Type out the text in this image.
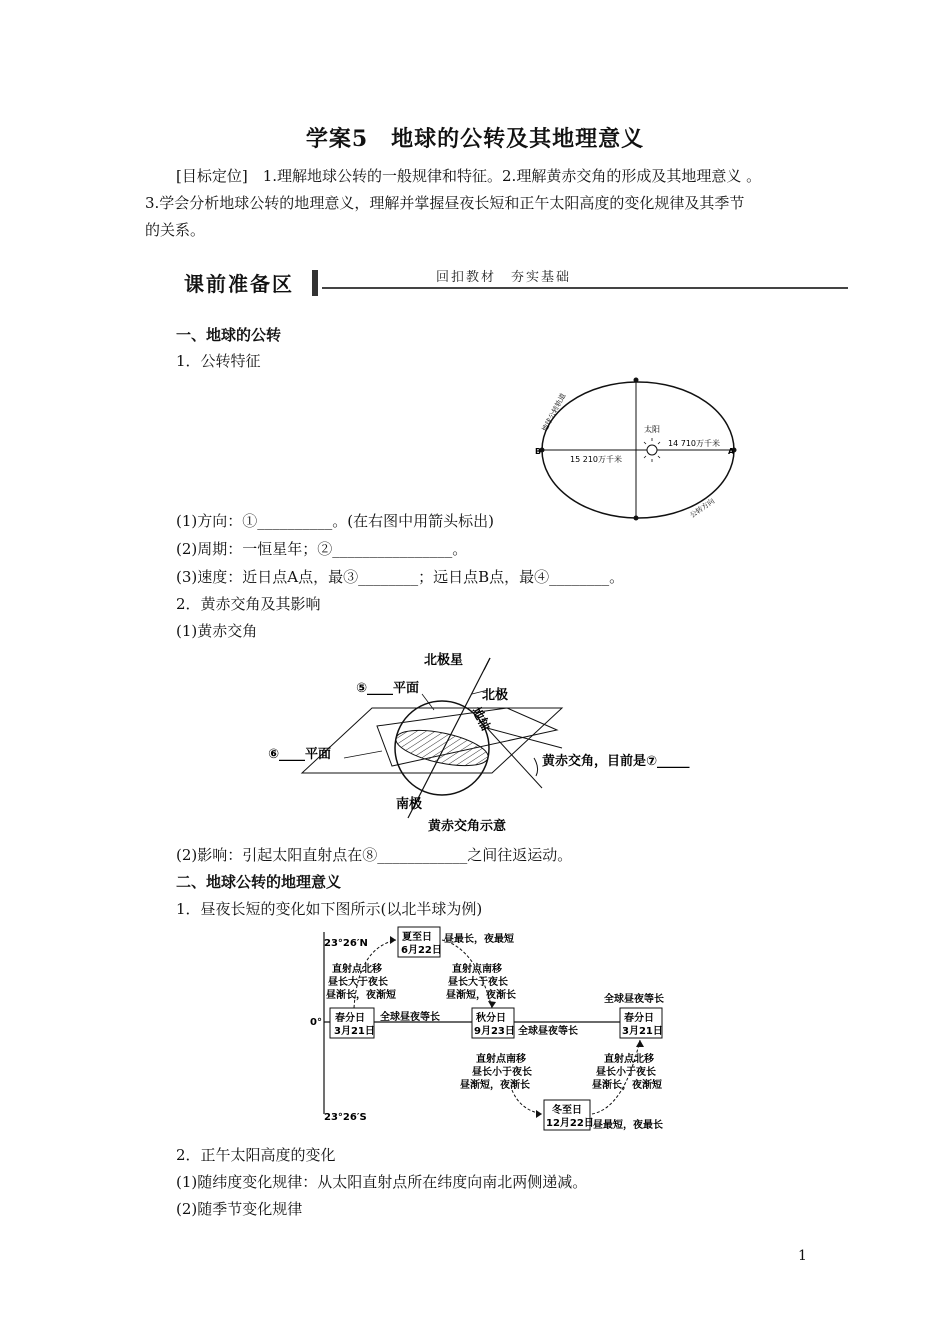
学案5　地球的公转及其地理意义
[目标定位]　1.理解地球公转的一般规律和特征。2.理解黄赤交角的形成及其地理意义 。
3.学会分析地球公转的地理意义，理解并掌握昼夜长短和正午太阳高度的变化规律及其季节
的关系。
课前准备区	回扣教材　夯实基础
一、地球的公转
1．公转特征
太阳
15 210万千米
14 710万千米
A
B
地球公转轨道
公转方向
(1)方向：①__________。(在右图中用箭头标出)
(2)周期：一恒星年；②________________。
(3)速度：近日点A点，最③________；远日点B点，最④________。
2．黄赤交角及其影响
(1)黄赤交角
北极星
⑤____平面	北极
地轴
⑥____平面	黄赤交角，目前是⑦_____
南极
黄赤交角示意
(2)影响：引起太阳直射点在⑧____________之间往返运动。
二、地球公转的地理意义
1．昼夜长短的变化如下图所示(以北半球为例)
23°26′N
0°
23°26′S
夏至日
6月22日
昼最长，夜最短
春分日
3月21日
全球昼夜等长	秋分日
9月23日 全球昼夜等长
春分日
3月21日
全球昼夜等长
冬至日
12月22日 昼最短，夜最长
直射点北移
昼长大于夜长
昼渐长，夜渐短
直射点南移
昼长大于夜长
昼渐短，夜渐长
直射点南移
昼长小于夜长
昼渐短，夜渐长
直射点北移
昼长小于夜长
昼渐长，夜渐短
2．正午太阳高度的变化
(1)随纬度变化规律：从太阳直射点所在纬度向南北两侧递减。
(2)随季节变化规律
1
